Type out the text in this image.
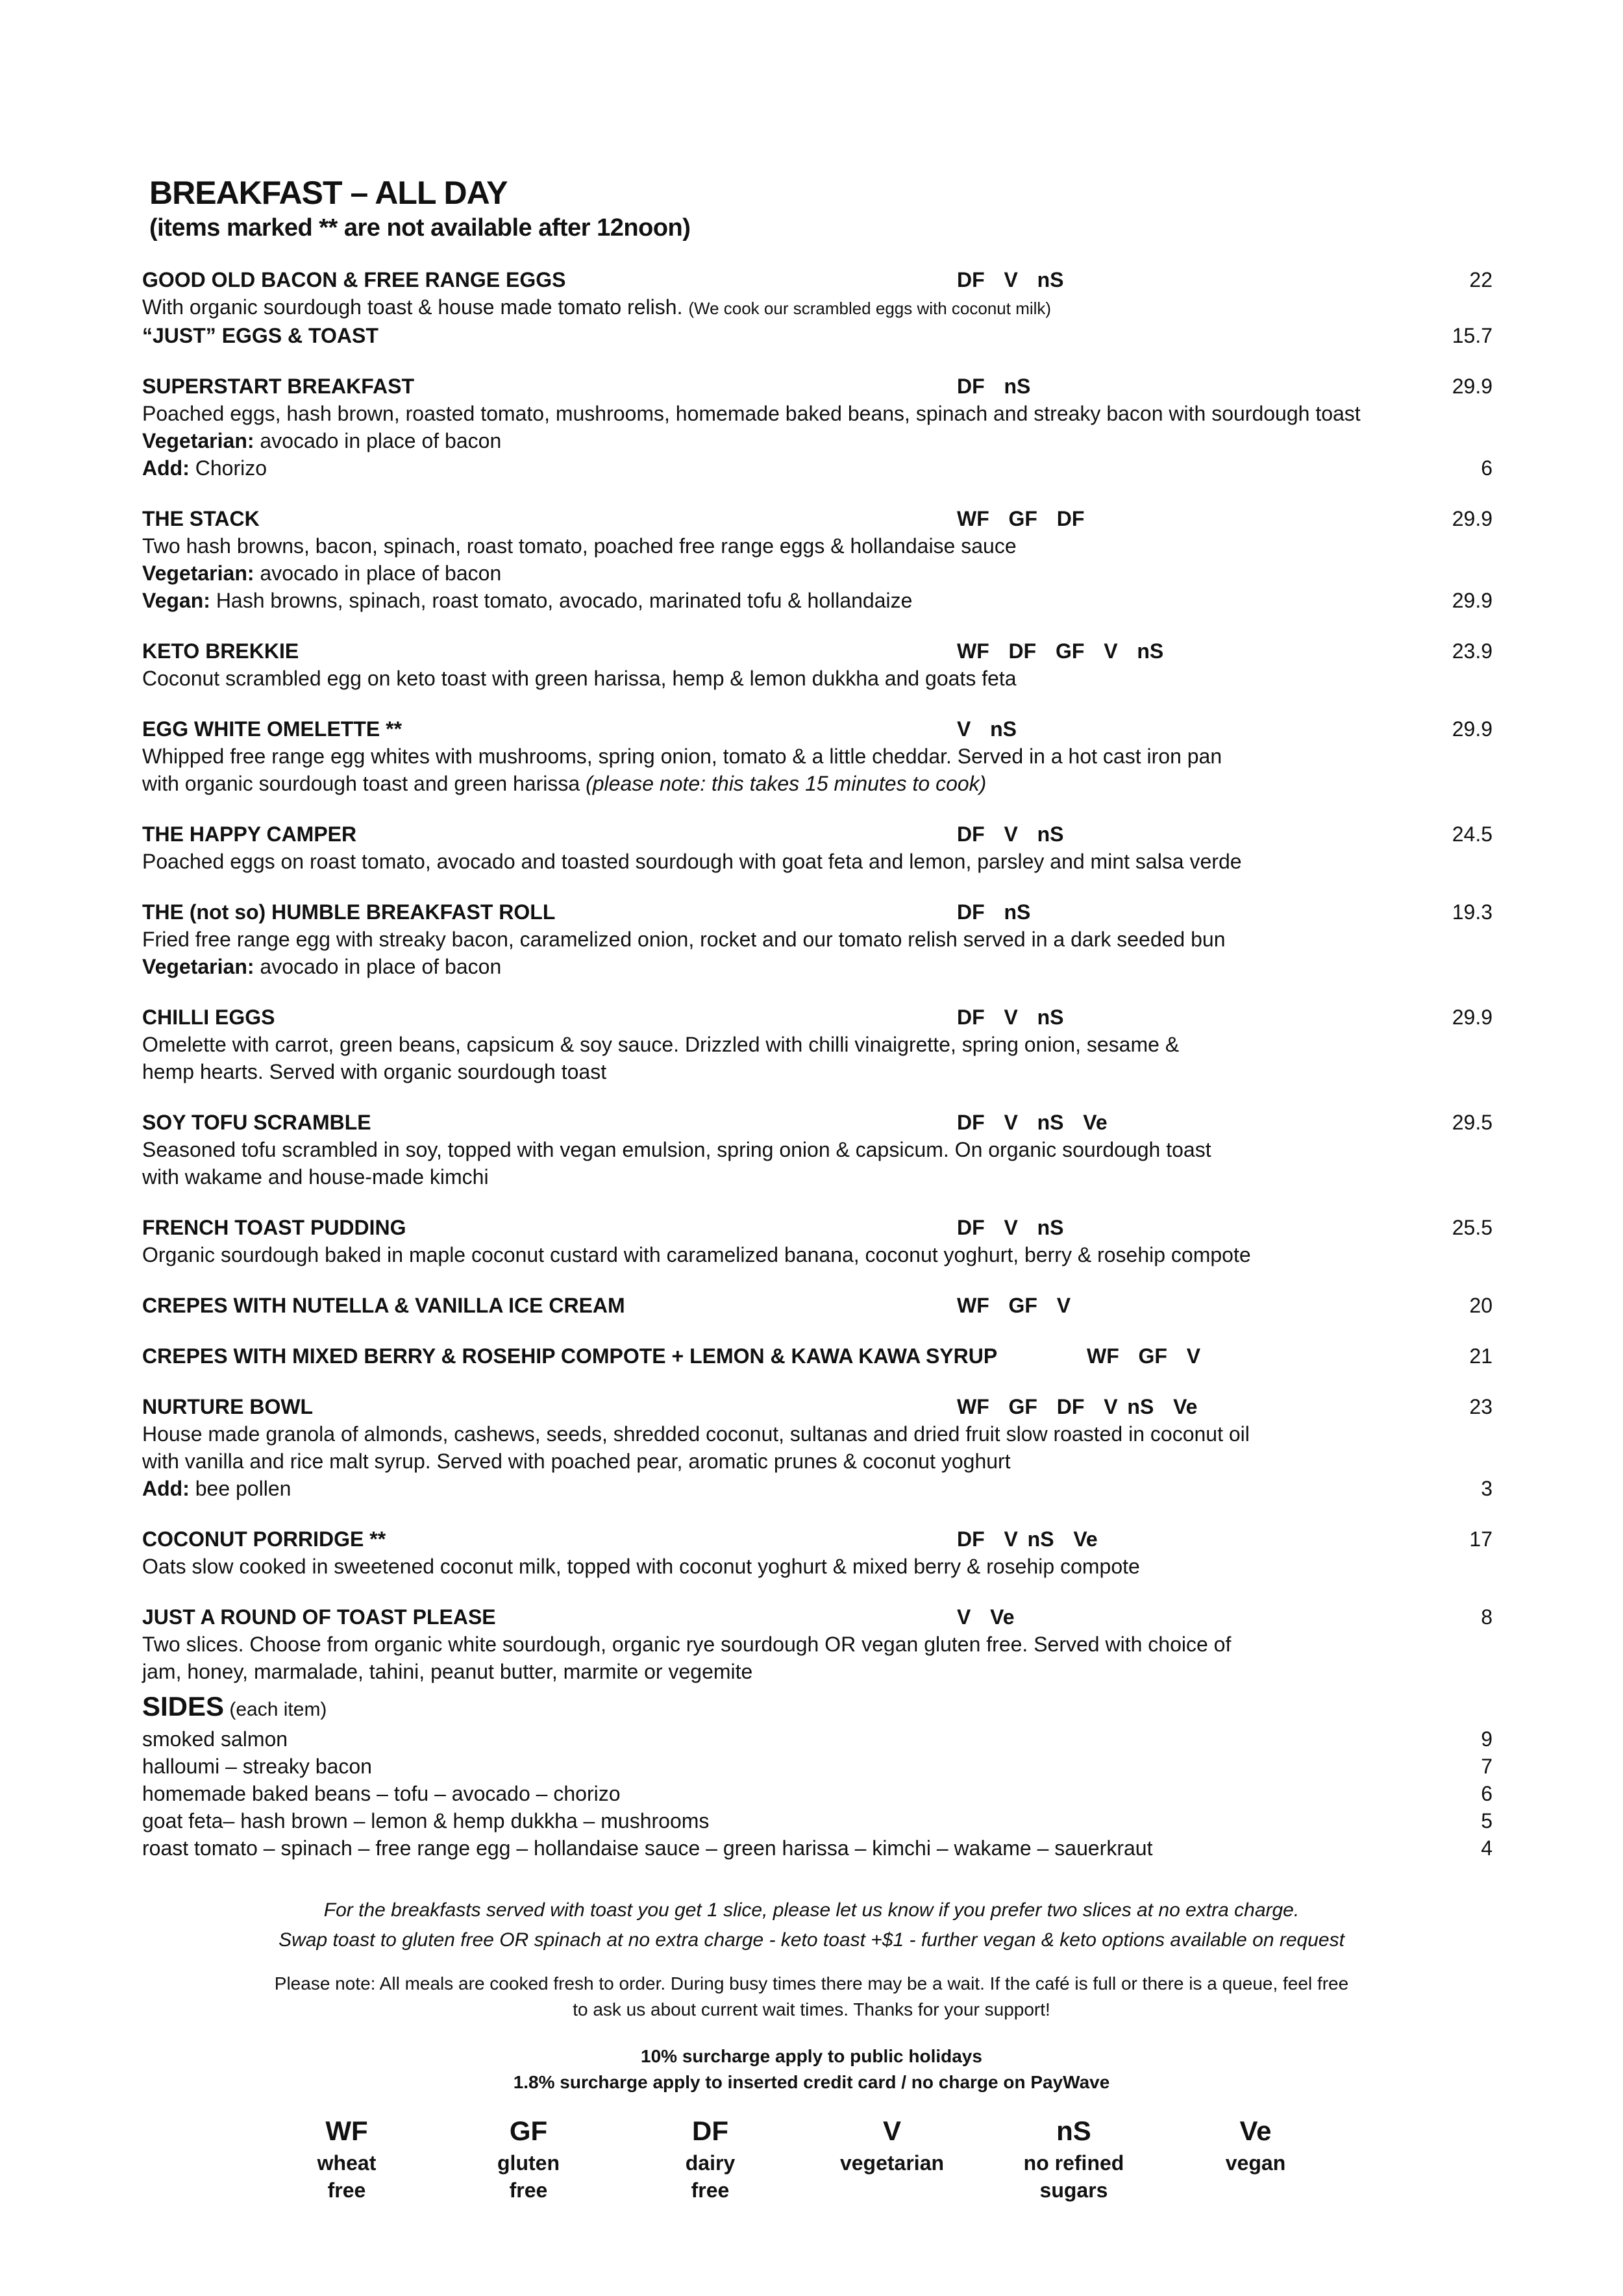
BREAKFAST – ALL DAY
(items marked ** are not available after 12noon)
GOOD OLD BACON & FREE RANGE EGGS	DF  V  nS	22
With organic sourdough toast & house made tomato relish. (We cook our scrambled eggs with coconut milk)
“JUST” EGGS & TOAST	15.7
SUPERSTART BREAKFAST	DF  nS	29.9
Poached eggs, hash brown, roasted tomato, mushrooms, homemade baked beans, spinach and streaky bacon with sourdough toast
Vegetarian: avocado in place of bacon
Add: Chorizo	6
THE STACK	WF  GF  DF	29.9
Two hash browns, bacon, spinach, roast tomato, poached free range eggs & hollandaise sauce
Vegetarian: avocado in place of bacon
Vegan: Hash browns, spinach, roast tomato, avocado, marinated tofu & hollandaize	29.9
KETO BREKKIE	WF  DF  GF  V  nS	23.9
Coconut scrambled egg on keto toast with green harissa, hemp & lemon dukkha and goats feta
EGG WHITE OMELETTE **	V  nS	29.9
Whipped free range egg whites with mushrooms, spring onion, tomato & a little cheddar. Served in a hot cast iron pan
with organic sourdough toast and green harissa (please note: this takes 15 minutes to cook)
THE HAPPY CAMPER	DF  V  nS	24.5
Poached eggs on roast tomato, avocado and toasted sourdough with goat feta and lemon, parsley and mint salsa verde
THE (not so) HUMBLE BREAKFAST ROLL	DF  nS	19.3
Fried free range egg with streaky bacon, caramelized onion, rocket and our tomato relish served in a dark seeded bun
Vegetarian: avocado in place of bacon
CHILLI EGGS	DF  V  nS	29.9
Omelette with carrot, green beans, capsicum & soy sauce. Drizzled with chilli vinaigrette, spring onion, sesame &
hemp hearts. Served with organic sourdough toast
SOY TOFU SCRAMBLE	DF  V  nS  Ve	29.5
Seasoned tofu scrambled in soy, topped with vegan emulsion, spring onion & capsicum. On organic sourdough toast
with wakame and house-made kimchi
FRENCH TOAST PUDDING	DF  V  nS	25.5
Organic sourdough baked in maple coconut custard with caramelized banana, coconut yoghurt, berry & rosehip compote
CREPES WITH NUTELLA & VANILLA ICE CREAM	WF  GF  V	20
CREPES WITH MIXED BERRY & ROSEHIP COMPOTE + LEMON & KAWA KAWA SYRUP	WF  GF  V	21
NURTURE BOWL	WF  GF  DF  V nS  Ve	23
House made granola of almonds, cashews, seeds, shredded coconut, sultanas and dried fruit slow roasted in coconut oil
with vanilla and rice malt syrup. Served with poached pear, aromatic prunes & coconut yoghurt
Add: bee pollen	3
COCONUT PORRIDGE **	DF  V nS  Ve	17
Oats slow cooked in sweetened coconut milk, topped with coconut yoghurt & mixed berry & rosehip compote
JUST A ROUND OF TOAST PLEASE	V  Ve	8
Two slices. Choose from organic white sourdough, organic rye sourdough OR vegan gluten free. Served with choice of
jam, honey, marmalade, tahini, peanut butter, marmite or vegemite
SIDES (each item)
smoked salmon	9
halloumi – streaky bacon	7
homemade baked beans – tofu – avocado – chorizo	6
goat feta– hash brown – lemon & hemp dukkha – mushrooms	5
roast tomato – spinach – free range egg – hollandaise sauce – green harissa – kimchi – wakame – sauerkraut	4
For the breakfasts served with toast you get 1 slice, please let us know if you prefer two slices at no extra charge.
Swap toast to gluten free OR spinach at no extra charge - keto toast +$1 - further vegan & keto options available on request
Please note: All meals are cooked fresh to order. During busy times there may be a wait. If the café is full or there is a queue, feel free
to ask us about current wait times. Thanks for your support!
10% surcharge apply to public holidays
1.8% surcharge apply to inserted credit card / no charge on PayWave
WF
wheat
free
GF
gluten
free
DF
dairy
free
V
vegetarian
nS
no refined
sugars
Ve
vegan
